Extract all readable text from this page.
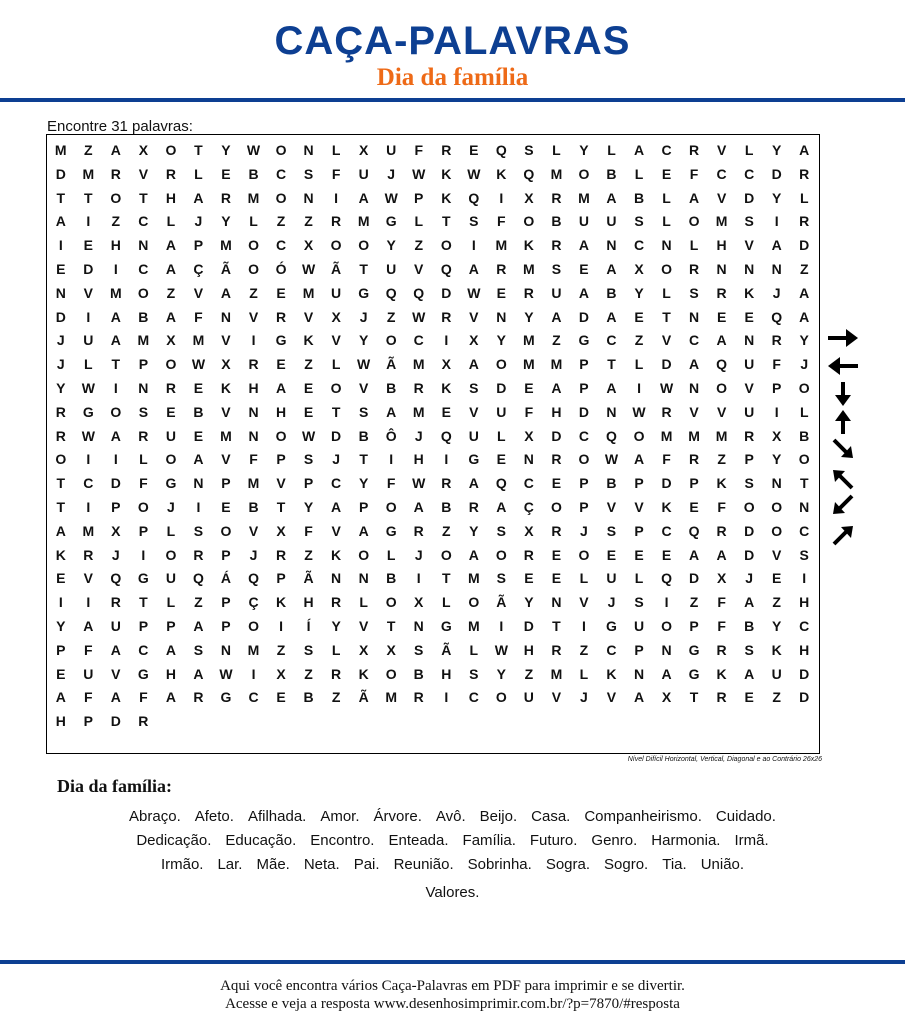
CAÇA-PALAVRAS
Dia da família
Encontre 31 palavras:
M	Z	A	X	O	T	Y	W	O	N	L	X	U	F	R	E	Q	S	L	Y	L	A	C	R	V	L	Y	A
D	M	R	V	R	L	E	B	C	S	F	U	J	W	K	W	K	Q	M	O	B	L	E	F	C	C	D	R
T	T	O	T	H	A	R	M	O	N	I	A	W	P	K	Q	I	X	R	M	A	B	L	A	V	D	Y	L
A	I	Z	C	L	J	Y	L	Z	Z	R	M	G	L	T	S	F	O	B	U	U	S	L	O	M	S	I	R
I	E	H	N	A	P	M	O	C	X	O	O	Y	Z	O	I	M	K	R	A	N	C	N	L	H	V	A	D
E	D	I	C	A	Ç	Ã	O	Ó	W	Ã	T	U	V	Q	A	R	M	S	E	A	X	O	R	N	N	N	Z
N	V	M	O	Z	V	A	Z	E	M	U	G	Q	Q	D	W	E	R	U	A	B	Y	L	S	R	K	J	A
D	I	A	B	A	F	N	V	R	V	X	J	Z	W	R	V	N	Y	A	D	A	E	T	N	E	E	Q	A
J	U	A	M	X	M	V	I	G	K	V	Y	O	C	I	X	Y	M	Z	G	C	Z	V	C	A	N	R	Y
J	L	T	P	O	W	X	R	E	Z	L	W	Ã	M	X	A	O	M	M	P	T	L	D	A	Q	U	F	J
Y	W	I	N	R	E	K	H	A	E	O	V	B	R	K	S	D	E	A	P	A	I	W	N	O	V	P	O
R	G	O	S	E	B	V	N	H	E	T	S	A	M	E	V	U	F	H	D	N	W	R	V	V	U	I	L
R	W	A	R	U	E	M	N	O	W	D	B	Ô	J	Q	U	L	X	D	C	Q	O	M	M	M	R	X	B
O	I	I	L	O	A	V	F	P	S	J	T	I	H	I	G	E	N	R	O	W	A	F	R	Z	P	Y	O
T	C	D	F	G	N	P	M	V	P	C	Y	F	W	R	A	Q	C	E	P	B	P	D	P	K	S	N	T
T	I	P	O	J	I	E	B	T	Y	A	P	O	A	B	R	A	Ç	O	P	V	V	K	E	F	O	O	N
A	M	X	P	L	S	O	V	X	F	V	A	G	R	Z	Y	S	X	R	J	S	P	C	Q	R	D	O	C
K	R	J	I	O	R	P	J	R	Z	K	O	L	J	O	A	O	R	E	O	E	E	E	A	A	D	V	S
E	V	Q	G	U	Q	Á	Q	P	Ã	N	N	B	I	T	M	S	E	E	L	U	L	Q	D	X	J	E	I
I	I	R	T	L	Z	P	Ç	K	H	R	L	O	X	L	O	Ã	Y	N	V	J	S	I	Z	F	A	Z	H
Y	A	U	P	P	A	P	O	I	Í	Y	V	T	N	G	M	I	D	T	I	G	U	O	P	F	B	Y	C
P	F	A	C	A	S	N	M	Z	S	L	X	X	S	Ã	L	W	H	R	Z	C	P	N	G	R	S	K	H
E	U	V	G	H	A	W	I	X	Z	R	K	O	B	H	S	Y	Z	M	L	K	N	A	G	K	A	U	D
A	F	A	F	A	R	G	C	E	B	Z	Ã	M	R	I	C	O	U	V	J	V	A	X	T	R	E	Z	D
H	P	D	R
Nível Difícil Horizontal, Vertical, Diagonal e ao Contrário 26x26
Dia da família:
Abraço. Afeto. Afilhada. Amor. Árvore. Avô. Beijo. Casa. Companheirismo. Cuidado.
Dedicação. Educação. Encontro. Enteada. Família. Futuro. Genro. Harmonia. Irmã.
Irmão. Lar. Mãe. Neta. Pai. Reunião. Sobrinha. Sogra. Sogro. Tia. União.
Valores.
Aqui você encontra vários Caça-Palavras em PDF para imprimir e se divertir.
Acesse e veja a resposta www.desenhosimprimir.com.br/?p=7870/#resposta
